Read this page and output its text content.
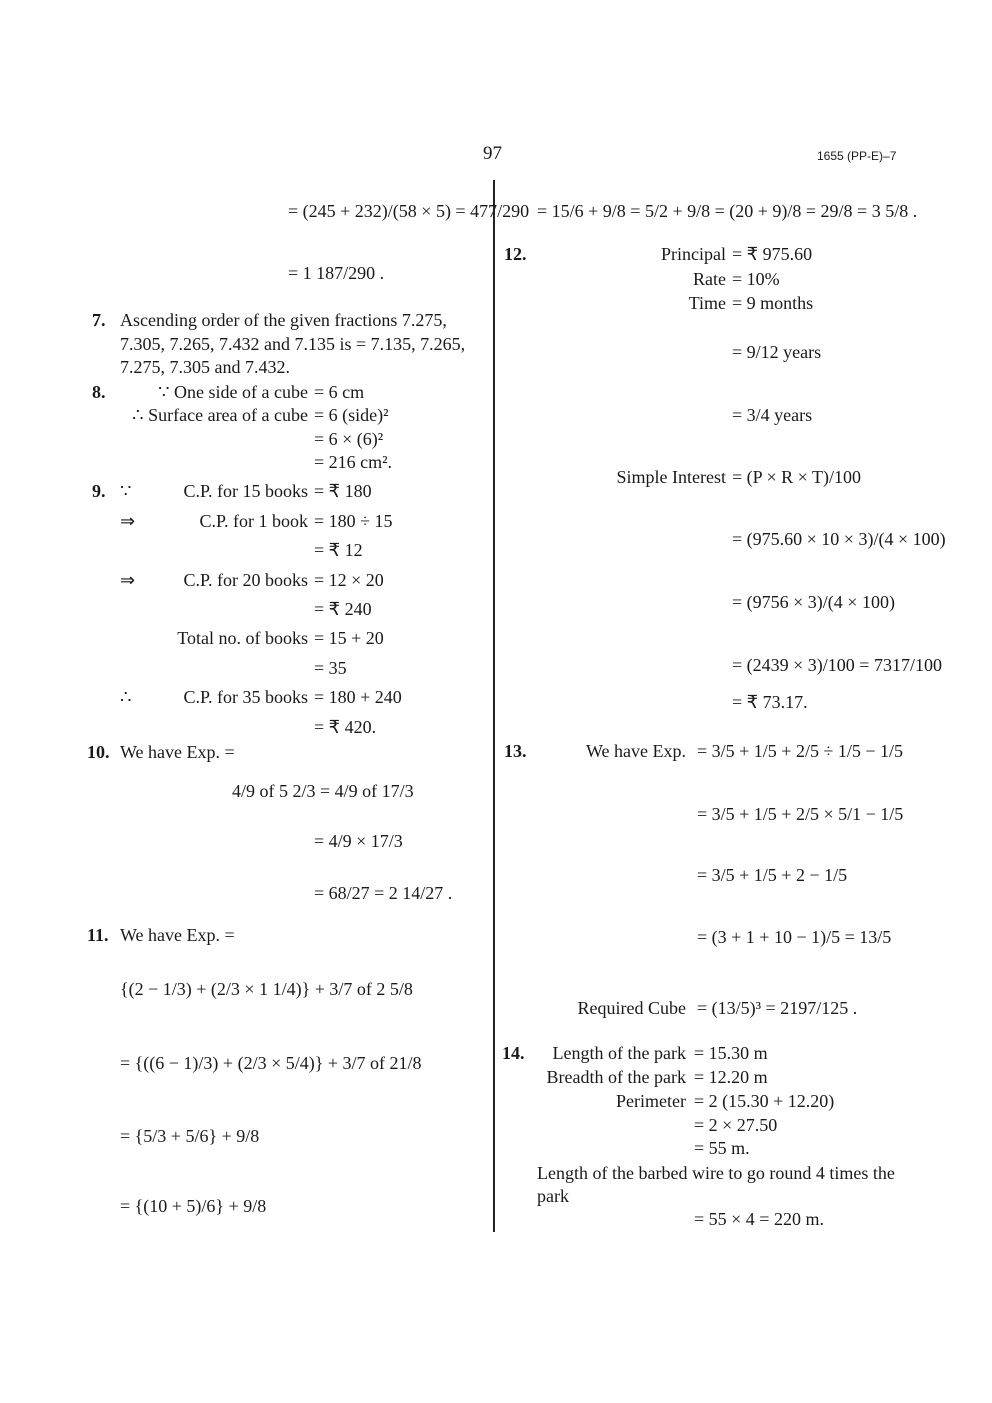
97	1655 (PP-E)–7
= (245 + 232)/(58 × 5) = 477/290
= 1 187/290 .
7. Ascending order of the given fractions 7.275,
7.305, 7.265, 7.432 and 7.135 is = 7.135, 7.265,
7.275, 7.305 and 7.432.
8.	∵ One side of a cube = 6 cm
∴ Surface area of a cube = 6 (side)²
= 6 × (6)²
= 216 cm².
9. ∵	C.P. for 15 books = ₹ 180
⇒	C.P. for 1 book = 180 ÷ 15
= ₹ 12
⇒	C.P. for 20 books = 12 × 20
= ₹ 240
Total no. of books = 15 + 20
= 35
∴	C.P. for 35 books = 180 + 240
= ₹ 420.
10. We have Exp. =
4/9 of 5 2/3 = 4/9 of 17/3
= 4/9 × 17/3
= 68/27 = 2 14/27 .
11. We have Exp. =
{(2 − 1/3) + (2/3 × 1 1/4)} + 3/7 of 2 5/8
= {((6 − 1)/3) + (2/3 × 5/4)} + 3/7 of 21/8
= {5/3 + 5/6} + 9/8
= {(10 + 5)/6} + 9/8
= 15/6 + 9/8 = 5/2 + 9/8 = (20 + 9)/8 = 29/8 = 3 5/8 .
12.	Principal = ₹ 975.60
Rate = 10%
Time = 9 months
= 9/12 years
= 3/4 years
Simple Interest = (P × R × T)/100
= (975.60 × 10 × 3)/(4 × 100)
= (9756 × 3)/(4 × 100)
= (2439 × 3)/100 = 7317/100
= ₹ 73.17.
13.	We have Exp. = 3/5 + 1/5 + 2/5 ÷ 1/5 − 1/5
= 3/5 + 1/5 + 2/5 × 5/1 − 1/5
= 3/5 + 1/5 + 2 − 1/5
= (3 + 1 + 10 − 1)/5 = 13/5
Required Cube = (13/5)³ = 2197/125 .
14.	Length of the park = 15.30 m
Breadth of the park = 12.20 m
Perimeter = 2 (15.30 + 12.20)
= 2 × 27.50
= 55 m.
Length of the barbed wire to go round 4 times the
park
= 55 × 4 = 220 m.
